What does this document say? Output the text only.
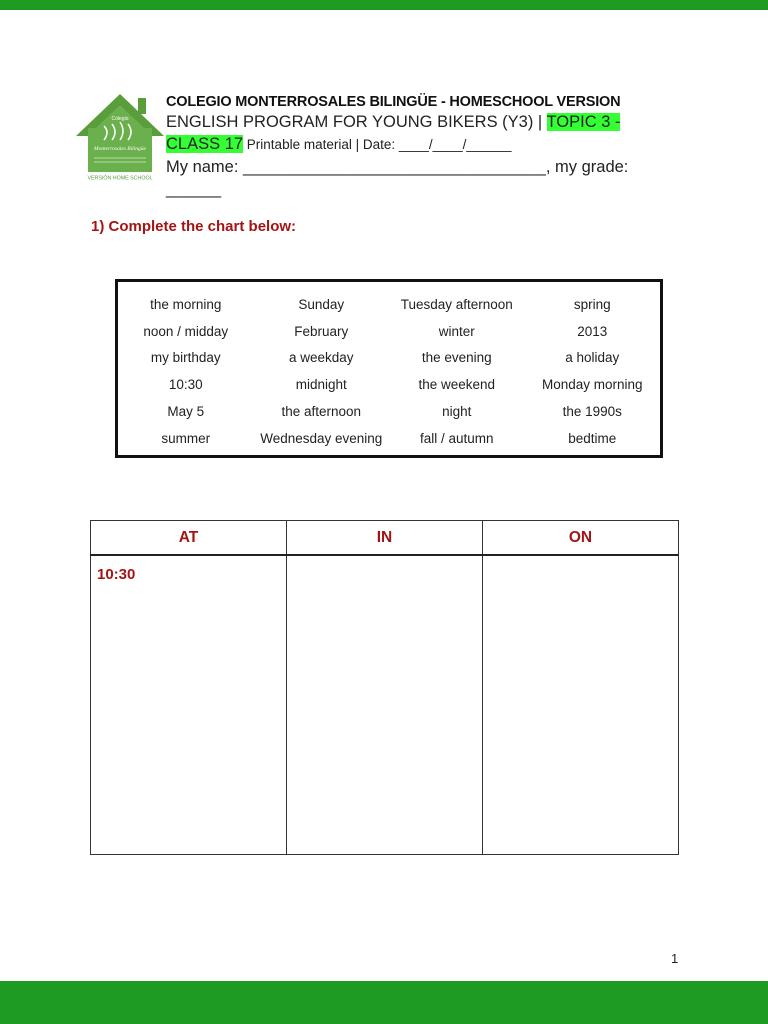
Colegio
Monterrosales Bilingüe
VERSIÓN HOME SCHOOL
COLEGIO MONTERROSALES BILINGÜE - HOMESCHOOL VERSION
ENGLISH PROGRAM FOR YOUNG BIKERS (Y3) | TOPIC 3 -
CLASS 17 Printable material | Date: ____/____/______
My name: _________________________________, my grade: ______
1) Complete the chart below:
the morning	Sunday	Tuesday afternoon	spring
noon / midday	February	winter	2013
my birthday	a weekday	the evening	a holiday
10:30	midnight	the weekend	Monday morning
May 5	the afternoon	night	the 1990s
summer	Wednesday evening	fall / autumn	bedtime
AT	IN	ON
10:30		
1
